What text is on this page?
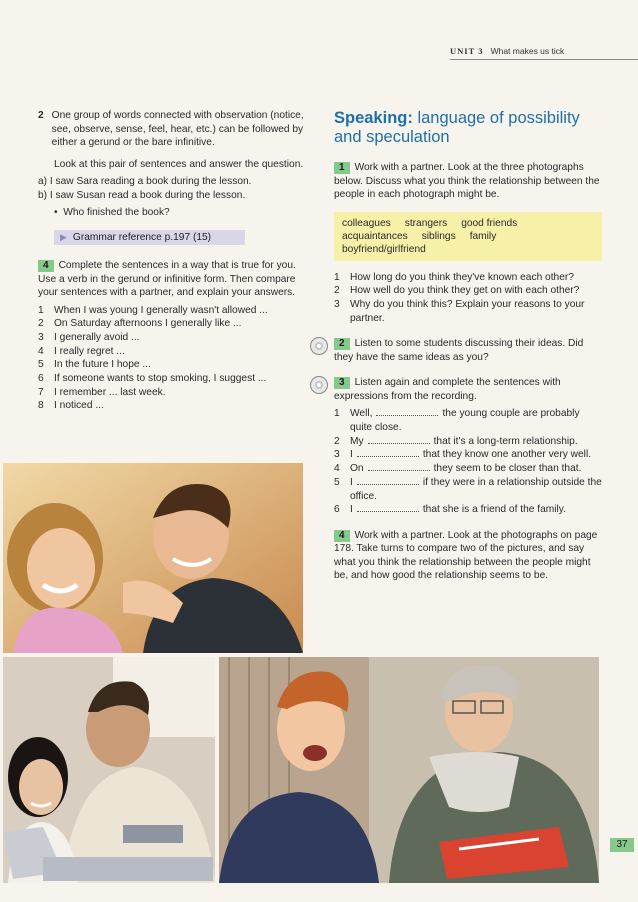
UNIT 3 What makes us tick
2 One group of words connected with observation (notice, see, observe, sense, feel, hear, etc.) can be followed by either a gerund or the bare infinitive.

Look at this pair of sentences and answer the question.

a) I saw Sara reading a book during the lesson.

b) I saw Susan read a book during the lesson.

• Who finished the book?

▶ Grammar reference p.197 (15)

4 Complete the sentences in a way that is true for you. Use a verb in the gerund or infinitive form. Then compare your sentences with a partner, and explain your answers.

1 When I was young I generally wasn't allowed ...
2 On Saturday afternoons I generally like ...
3 I generally avoid ...
4 I really regret ...
5 In the future I hope ...
6 If someone wants to stop smoking, I suggest ...
7 I remember ... last week.
8 I noticed ...
Speaking: language of possibility and speculation

1 Work with a partner. Look at the three photographs below. Discuss what you think the relationship between the people in each photograph might be.

colleagues strangers good friends
acquaintances siblings family
boyfriend/girlfriend
1 How long do you think they've known each other?
2 How well do you think they get on with each other?
3 Why do you think this? Explain your reasons to your partner.

2 Listen to some students discussing their ideas. Did they have the same ideas as you?

3 Listen again and complete the sentences with expressions from the recording.

1 Well,	the young couple are probably quite close.
2 My	that it's a long-term relationship.
3 I	that they know one another very well.
4 On	they seem to be closer than that.
5 I	if they were in a relationship outside the office.
6 I	that she is a friend of the family.

4 Work with a partner. Look at the photographs on page 178. Take turns to compare two of the pictures, and say what you think the relationship between the people might be, and how good the relationship seems to be.

37
